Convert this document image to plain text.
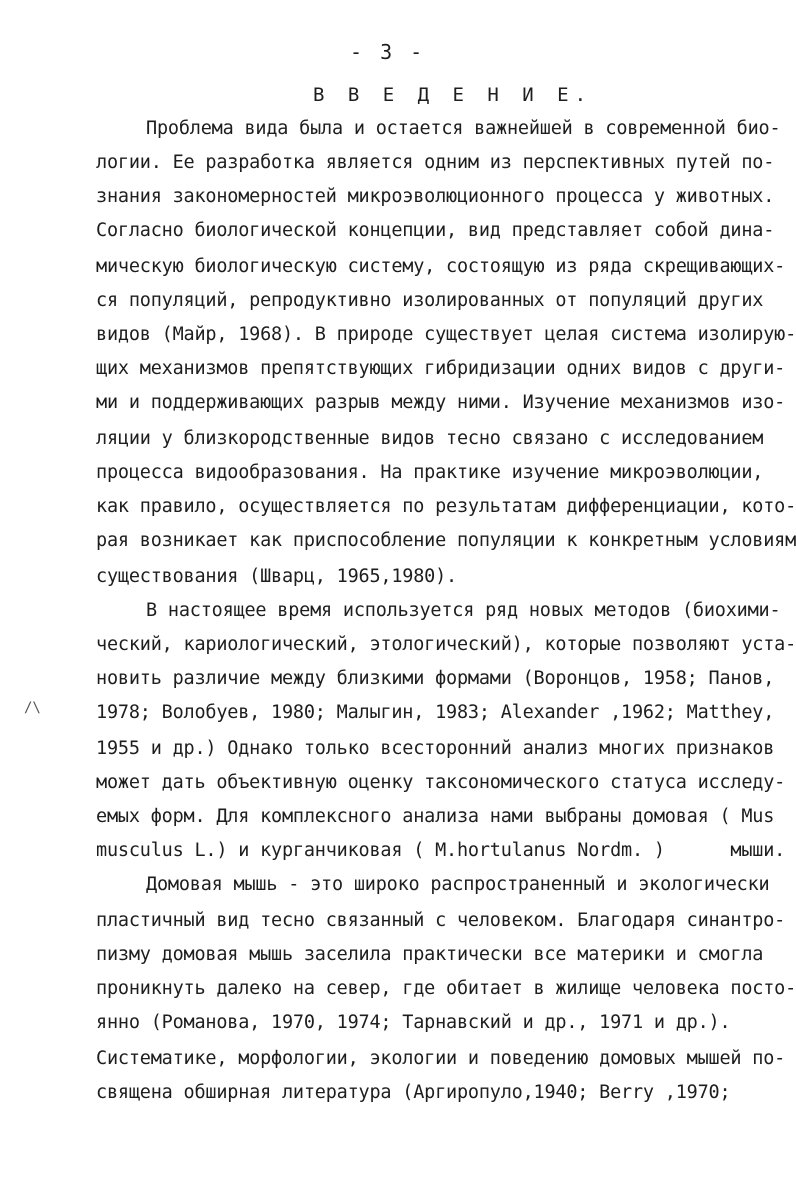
- 3 -
В В Е Д Е Н И Е.
/\
Проблема вида была и остается важнейшей в современной био-
логии. Ее разработка является одним из перспективных путей по-
знания закономерностей микроэволюционного процесса у животных.
Согласно биологической концепции, вид представляет собой дина-
мическую биологическую систему, состоящую из ряда скрещивающих-
ся популяций, репродуктивно изолированных от популяций других
видов (Майр, 1968). В природе существует целая система изолирую-
щих механизмов препятствующих гибридизации одних видов с други-
ми и поддерживающих разрыв между ними. Изучение механизмов изо-
ляции у близкородственные видов тесно связано с исследованием
процесса видообразования. На практике изучение микроэволюции,
как правило, осуществляется по результатам дифференциации, кото-
рая возникает как приспособление популяции к конкретным условиям
существования (Шварц, 1965,1980).
В настоящее время используется ряд новых методов (биохими-
ческий, кариологический, этологический), которые позволяют уста-
новить различие между близкими формами (Воронцов, 1958; Панов,
1978; Волобуев, 1980; Малыгин, 1983; Alexander ,1962; Matthey,
1955 и др.) Однако только всесторонний анализ многих признаков
может дать объективную оценку таксономического статуса исследу-
емых форм. Для комплексного анализа нами выбраны домовая ( Mus
musculus L.) и курганчиковая ( M.hortulanus Nordm. )      мыши.
Домовая мышь - это широко распространенный и экологически
пластичный вид тесно связанный с человеком. Благодаря синантро-
пизму домовая мышь заселила практически все материки и смогла
проникнуть далеко на север, где обитает в жилище человека посто-
янно (Романова, 1970, 1974; Тарнавский и др., 1971 и др.).
Систематике, морфологии, экологии и поведению домовых мышей по-
священа обширная литература (Аргиропуло,1940; Berry ,1970;
